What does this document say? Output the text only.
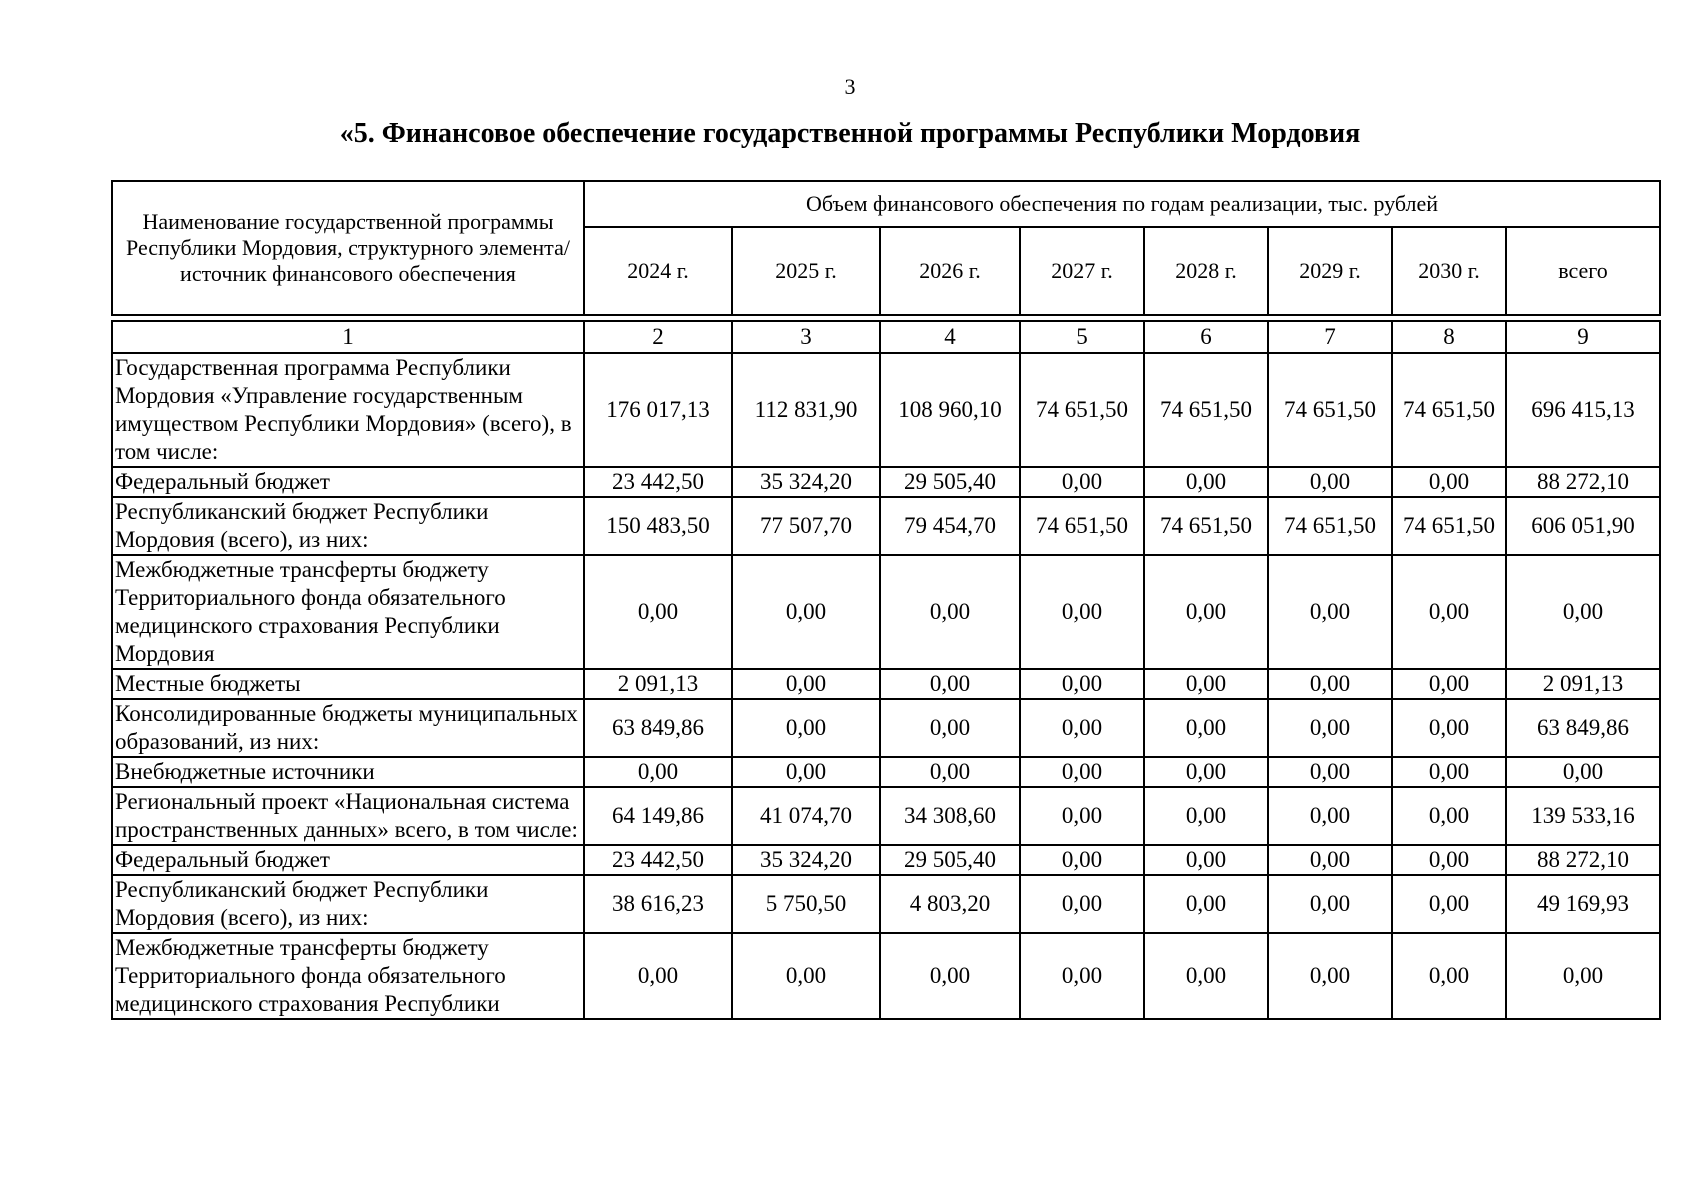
3
«5. Финансовое обеспечение государственной программы Республики Мордовия
Наименование государственной программы Республики Мордовия, структурного элемента/источник финансового обеспечения	Объем финансового обеспечения по годам реализации, тыс. рублей							
	2024 г.	2025 г.	2026 г.	2027 г.	2028 г.	2029 г.	2030 г.	всего

1	2	3	4	5	6	7	8	9
Государственная программа Республики Мордовия «Управление государственным имуществом Республики Мордовия» (всего), в том числе:	176 017,13	112 831,90	108 960,10	74 651,50	74 651,50	74 651,50	74 651,50	696 415,13
Федеральный бюджет	23 442,50	35 324,20	29 505,40	0,00	0,00	0,00	0,00	88 272,10
Республиканский бюджет Республики Мордовия (всего), из них:	150 483,50	77 507,70	79 454,70	74 651,50	74 651,50	74 651,50	74 651,50	606 051,90
Межбюджетные трансферты бюджету Территориального фонда обязательного медицинского страхования Республики Мордовия	0,00	0,00	0,00	0,00	0,00	0,00	0,00	0,00
Местные бюджеты	2 091,13	0,00	0,00	0,00	0,00	0,00	0,00	2 091,13
Консолидированные бюджеты муниципальных образований, из них:	63 849,86	0,00	0,00	0,00	0,00	0,00	0,00	63 849,86
Внебюджетные источники	0,00	0,00	0,00	0,00	0,00	0,00	0,00	0,00
Региональный проект «Национальная система пространственных данных» всего, в том числе:	64 149,86	41 074,70	34 308,60	0,00	0,00	0,00	0,00	139 533,16
Федеральный бюджет	23 442,50	35 324,20	29 505,40	0,00	0,00	0,00	0,00	88 272,10
Республиканский бюджет Республики Мордовия (всего), из них:	38 616,23	5 750,50	4 803,20	0,00	0,00	0,00	0,00	49 169,93
Межбюджетные трансферты бюджету Территориального фонда обязательного медицинского страхования Республики	0,00	0,00	0,00	0,00	0,00	0,00	0,00	0,00
